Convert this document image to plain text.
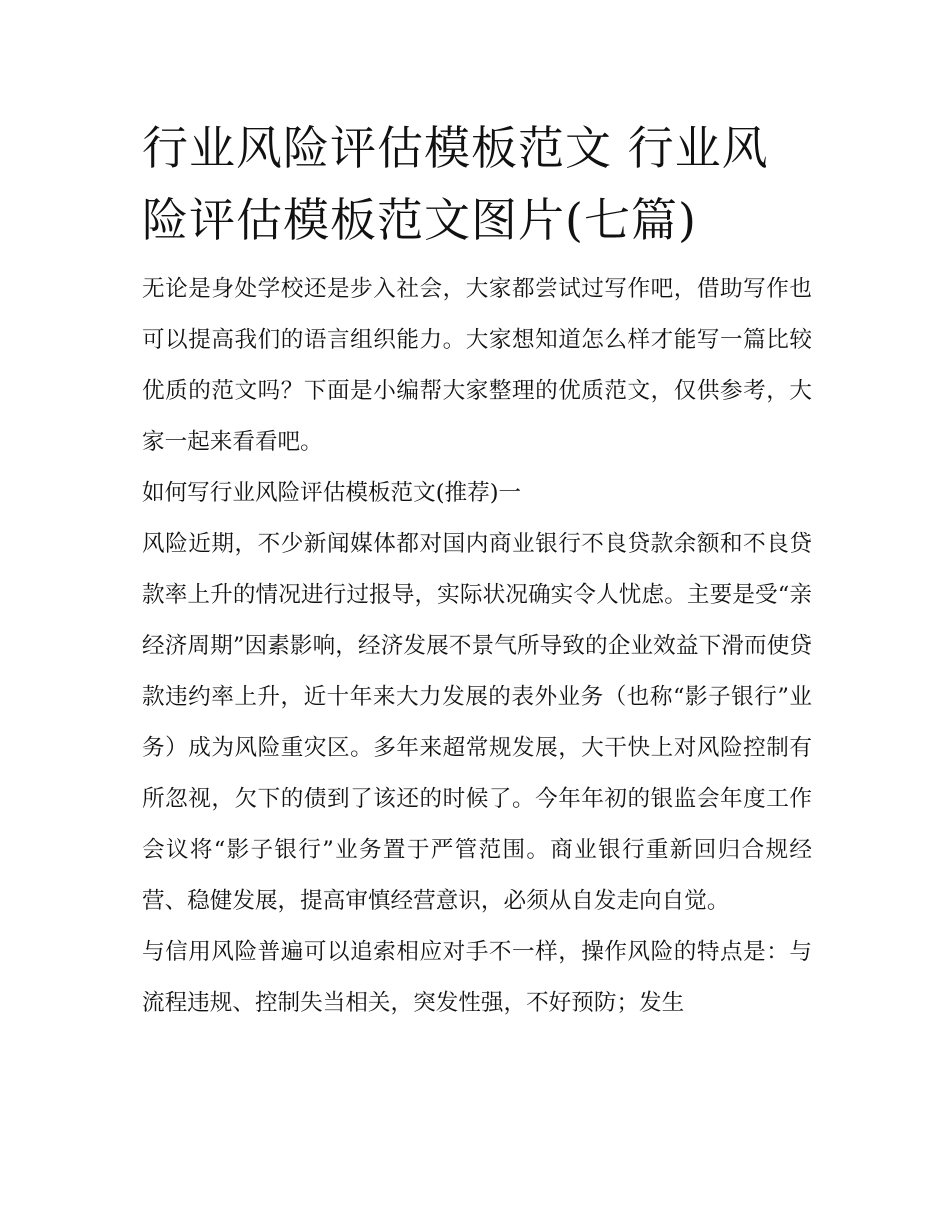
行业风险评估模板范文 行业风险评估模板范文图片(七篇)

无论是身处学校还是步入社会，大家都尝试过写作吧，借助写作也可以提高我们的语言组织能力。大家想知道怎么样才能写一篇比较优质的范文吗？下面是小编帮大家整理的优质范文，仅供参考，大家一起来看看吧。

如何写行业风险评估模板范文(推荐)一

风险近期，不少新闻媒体都对国内商业银行不良贷款余额和不良贷款率上升的情况进行过报导，实际状况确实令人忧虑。主要是受“亲经济周期”因素影响，经济发展不景气所导致的企业效益下滑而使贷款违约率上升，近十年来大力发展的表外业务（也称“影子银行”业务）成为风险重灾区。多年来超常规发展，大干快上对风险控制有所忽视，欠下的债到了该还的时候了。今年年初的银监会年度工作会议将“影子银行”业务置于严管范围。商业银行重新回归合规经营、稳健发展，提高审慎经营意识，必须从自发走向自觉。

与信用风险普遍可以追索相应对手不一样，操作风险的特点是：与流程违规、控制失当相关，突发性强，不好预防；发生
